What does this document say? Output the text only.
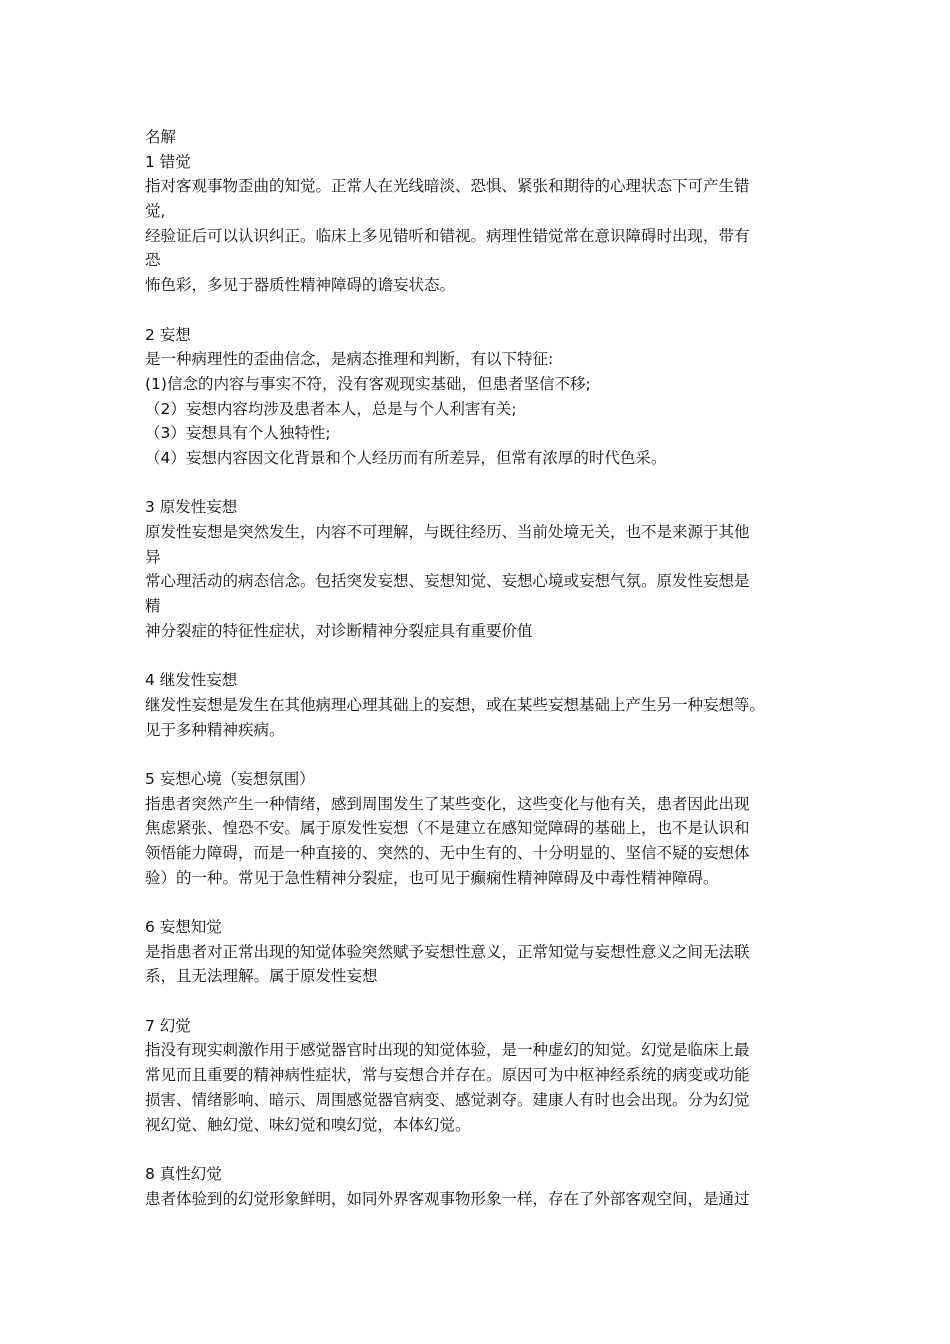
名解
1 错觉
指对客观事物歪曲的知觉。正常人在光线暗淡、恐惧、紧张和期待的心理状态下可产生错
觉,
经验证后可以认识纠正。临床上多见错听和错视。病理性错觉常在意识障碍时出现，带有
恐
怖色彩，多见于器质性精神障碍的谵妄状态。
2 妄想
是一种病理性的歪曲信念，是病态推理和判断，有以下特征:
(1)信念的内容与事实不符，没有客观现实基础，但患者坚信不移;
（2）妄想内容均涉及患者本人，总是与个人利害有关;
（3）妄想具有个人独特性;
（4）妄想内容因文化背景和个人经历而有所差异，但常有浓厚的时代色采。
3 原发性妄想
原发性妄想是突然发生，内容不可理解，与既往经历、当前处境无关，也不是来源于其他
异
常心理活动的病态信念。包括突发妄想、妄想知觉、妄想心境或妄想气氛。原发性妄想是
精
神分裂症的特征性症状，对诊断精神分裂症具有重要价值
4 继发性妄想
继发性妄想是发生在其他病理心理其础上的妄想，或在某些妄想基础上产生另一种妄想等。
见于多种精神疾病。
5 妄想心境（妄想氛围）
指患者突然产生一种情绪，感到周围发生了某些变化，这些变化与他有关，患者因此出现
焦虑紧张、惶恐不安。属于原发性妄想（不是建立在感知觉障碍的基础上，也不是认识和
领悟能力障碍，而是一种直接的、突然的、无中生有的、十分明显的、坚信不疑的妄想体
验）的一种。常见于急性精神分裂症，也可见于癫痫性精神障碍及中毒性精神障碍。
6 妄想知觉
是指患者对正常出现的知觉体验突然赋予妄想性意义，正常知觉与妄想性意义之间无法联
系，且无法理解。属于原发性妄想
7 幻觉
指没有现实刺激作用于感觉器官时出现的知觉体验，是一种虚幻的知觉。幻觉是临床上最
常见而且重要的精神病性症状，常与妄想合并存在。原因可为中枢神经系统的病变或功能
损害、情绪影响、暗示、周围感觉器官病变、感觉剥夺。建康人有时也会出现。分为幻觉
视幻觉、触幻觉、味幻觉和嗅幻觉，本体幻觉。
8 真性幻觉
患者体验到的幻觉形象鲜明，如同外界客观事物形象一样，存在了外部客观空间，是通过
